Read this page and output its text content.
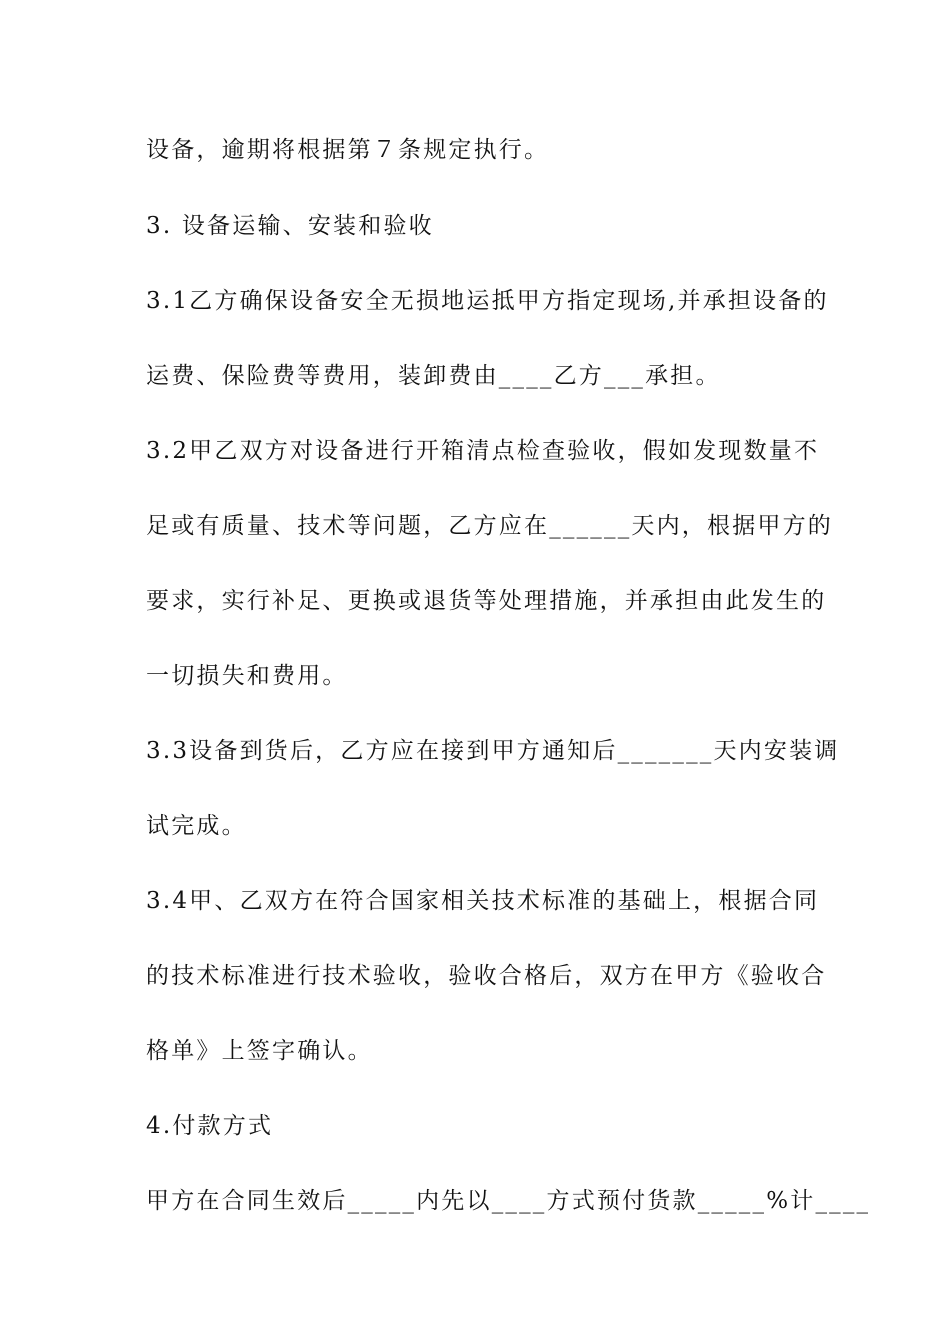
设备，逾期将根据第７条规定执行。
3. 设备运输、安装和验收
3.1乙方确保设备安全无损地运抵甲方指定现场,并承担设备的
运费、保险费等费用，装卸费由____乙方___承担。
3.2甲乙双方对设备进行开箱清点检查验收，假如发现数量不
足或有质量、技术等问题，乙方应在______天内，根据甲方的
要求，实行补足、更换或退货等处理措施，并承担由此发生的
一切损失和费用。
3.3设备到货后，乙方应在接到甲方通知后_______天内安装调
试完成。
3.4甲、乙双方在符合国家相关技术标准的基础上，根据合同
的技术标准进行技术验收，验收合格后，双方在甲方《验收合
格单》上签字确认。
4.付款方式
甲方在合同生效后_____内先以____方式预付货款_____%计____
